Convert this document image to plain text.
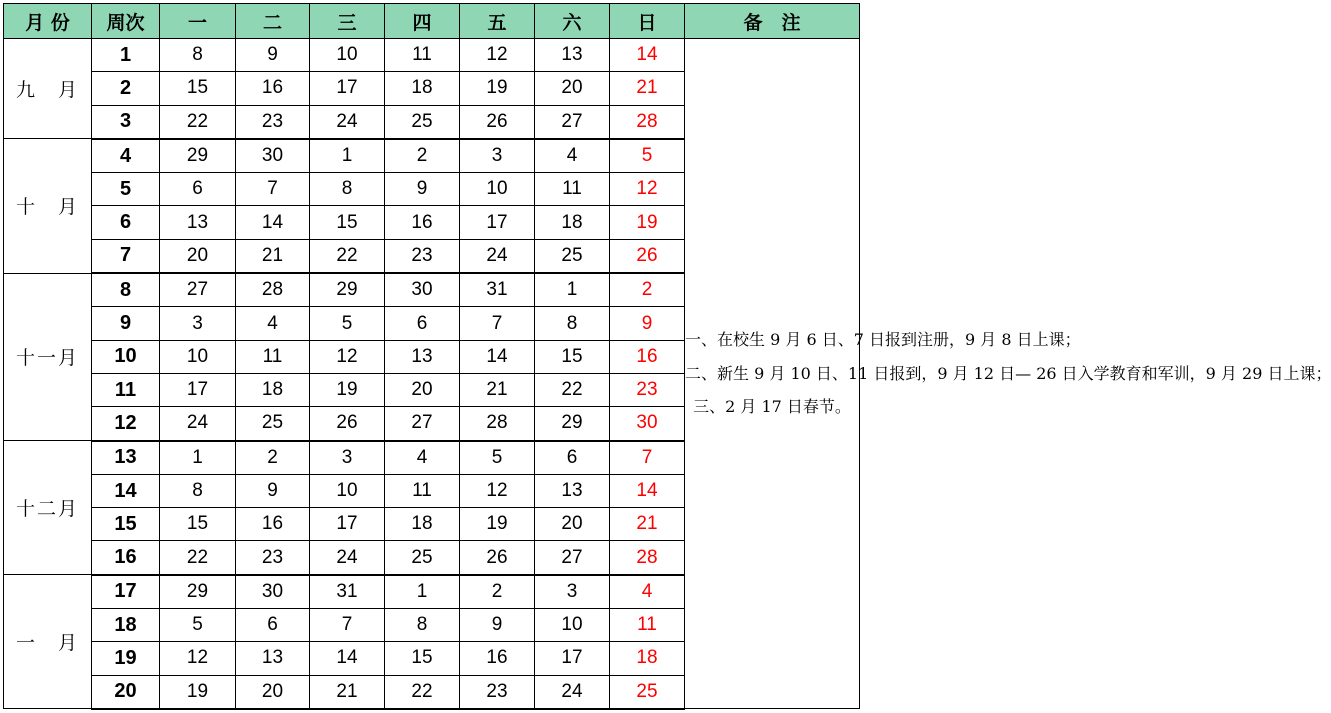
月 份	周次	一	二	三	四	五	六	日	备　注
九　月	1	8	9	10	11	12	13	14	一、在校生 9 月 6 日、7 日报到注册，9 月 8 日上课；
二、新生 9 月 10 日、11 日报到，9 月 12 日— 26 日入学教育和军训，9 月 29 日上课；
三、2 月 17 日春节。

	2	15	16	17	18	19	20	21	
	3	22	23	24	25	26	27	28	
十　月	4	29	30	1	2	3	4	5	
	5	6	7	8	9	10	11	12	
	6	13	14	15	16	17	18	19	
	7	20	21	22	23	24	25	26	
十一月	8	27	28	29	30	31	1	2	
	9	3	4	5	6	7	8	9	
	10	10	11	12	13	14	15	16	
	11	17	18	19	20	21	22	23	
	12	24	25	26	27	28	29	30	
十二月	13	1	2	3	4	5	6	7	
	14	8	9	10	11	12	13	14	
	15	15	16	17	18	19	20	21	
	16	22	23	24	25	26	27	28	
一　月	17	29	30	31	1	2	3	4	
	18	5	6	7	8	9	10	11	
	19	12	13	14	15	16	17	18	
	20	19	20	21	22	23	24	25	
